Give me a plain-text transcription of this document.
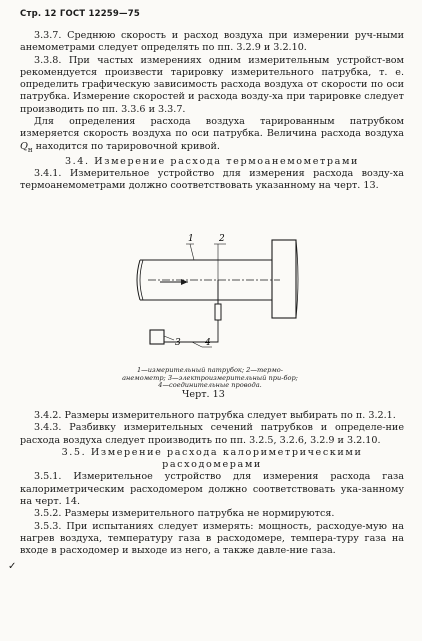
Стр. 12 ГОСТ 12259—75

3.3.7. Среднюю скорость и расход воздуха при измерении руч-ными анемометрами следует определять по пп. 3.2.9 и 3.2.10.

3.3.8. При частых измерениях одним измерительным устройст-вом рекомендуется произвести тарировку измерительного патрубка, т. е. определить графическую зависимость расхода воздуха от скорости по оси патрубка. Измерение скоростей и расхода возду-ха при тарировке следует производить по пп. 3.3.6 и 3.3.7.

Для определения расхода воздуха тарированным патрубком измеряется скорость воздуха по оси патрубка. Величина расхода воздуха $Q_н$ находится по тарировочной кривой.

3.4. Измерение расхода термоанемометрами

3.4.1. Измерительное устройство для измерения расхода возду-ха термоанемометрами должно соответствовать указанному на черт. 13.

1	2
3	4
1—измерительный патрубок; 2—термо-анемометр; 3—электроизмерительный при-бор; 4—соединительные провода.
Черт. 13

3.4.2. Размеры измерительного патрубка следует выбирать по п. 3.2.1.

3.4.3. Разбивку измерительных сечений патрубков и определе-ние расхода воздуха следует производить по пп. 3.2.5, 3.2.6, 3.2.9 и 3.2.10.

3.5. Измерение расхода калориметрическими расходомерами

3.5.1. Измерительное устройство для измерения расхода газа калориметрическим расходомером должно соответствовать ука-занному на черт. 14.

3.5.2. Размеры измерительного патрубка не нормируются.

3.5.3. При испытаниях следует измерять: мощность, расходуе-мую на нагрев воздуха, температуру газа в расходомере, темпера-туру газа на входе в расходомер и выходе из него, а также давле-ние газа.

✓
